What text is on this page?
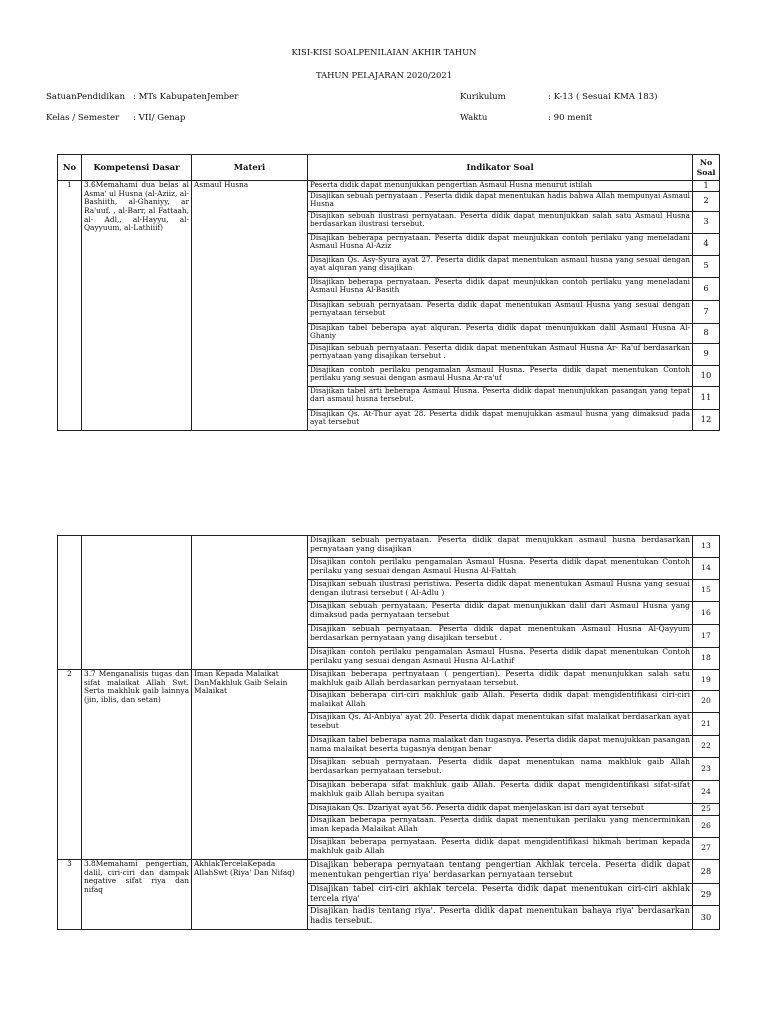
KISI-KISI SOALPENILAIAN AKHIR TAHUN
TAHUN PELAJARAN 2020/2021
SatuanPendidikan : MTs KabupatenJember	Kurikulum	: K-13 ( Sesuai KMA 183)
Kelas / Semester : VII/ Genap	Waktu	: 90 menit
No	Kompetensi Dasar	Materi	Indikator Soal	No
Soal
1	3.6Memahami dua belas al Asma' ul Husna (al-Aziiz, al-Bashiith, al-Ghaniyy, ar Ra'uuf, , al-Barr, al Fattaah, al- Adl,, al-Hayyu, al-Qayyuum, al-Lathiiif)	Asmaul Husna	Peserta didik dapat menunjukkan pengertian Asmaul Husna menurut istilah	1
			Disajikan sebuah pernyataan . Peserta didik dapat menentukan hadis bahwa Allah mempunyai Asmaul Husna	2
			Disajikan sebuah ilustrasi pernyataan. Peserta didik dapat menunjukkan salah satu Asmaul Husna berdasarkan ilustrasi tersebut.	3
			Disajikan beberapa pernyataan. Peserta didik dapat meunjukkan contoh perilaku yang meneladani Asmaul Husna Al-Aziz	4
			Disajikan Qs. Asy-Syura ayat 27. Peserta didik dapat menentukan asmaul husna yang sesuai dengan ayat alquran yang disajikan	5
			Disajikan beberapa pernyataan. Peserta didik dapat meunjukkan contoh perilaku yang meneladani Asmaul Husna Al-Basith	6
			Disajikan sebuah pernyataan. Peserta didik dapat menentukan Asmaul Husna yang sesuai dengan pernyataan tersebut	7
			Disajikan tabel beberapa ayat alquran. Peserta didik dapat menunjukkan dalil Asmaul Husna Al-Ghaniy	8
			Disajikan sebuah pernyataan. Peserta didik dapat menentukan Asmaul Husna Ar- Ra'uf berdasarkan pernyataan yang disajikan tersebut .	9
			Disajikan contoh perilaku pengamalan Asmaul Husna. Peserta didik dapat menentukan Contoh perilaku yang sesuai dengan asmaul Husna Ar-ra'uf	10
			Disajikan tabel arti beberapa Asmaul Husna. Peserta didik dapat menunjukkan pasangan yang tepat dari asmaul husna tersebut.	11
			Disajikan Qs. At-Thur ayat 28. Peserta didik dapat menujukkan asmaul husna yang dimaksud pada ayat tersebut	12
			Disajikan sebuah pernyataan. Peserta didik dapat menujukkan asmaul husna berdasarkan pernyataan yang disajikan	13
			Disajikan contoh perilaku pengamalan Asmaul Husna. Peserta didik dapat menentukan Contoh perilaku yang sesuai dengan Asmaul Husna Al-Fattah	14
			Disajikan sebuah ilustrasi peristiwa. Peserta didik dapat menentukan Asmaul Husna yang sesuai dengan ilutrasi tersebut ( Al-Adlu )	15
			Disajikan sebuah pernyataan. Peserta didik dapat menunjukkan dalil dari Asmaul Husna yang dimaksud pada pernyataan tersebut	16
			Disajikan sebuah pernyataan. Peserta didik dapat menentukan Asmaul Husna Al-Qayyum berdasarkan pernyataan yang disajikan tersebut .	17
			Disajikan contoh perilaku pengamalan Asmaul Husna. Peserta didik dapat menentukan Contoh perilaku yang sesuai dengan Asmaul Husna Al-Lathif	18
2	3.7 Menganalisis tugas dan sifat malaikat Allah Swt. Serta makhluk gaib lainnya (jin, iblis, dan setan)	Iman Kepada Malaikat DanMakhluk Gaib Selain Malaikat	Disajikan beberapa pertnyataan ( pengertian). Peserta didik dapat menunjukkan salah satu makhluk gaib Allah berdasarkan pernyataan tersebut.	19
			Disajikan beberapa ciri-ciri makhluk gaib Allah. Peserta didik dapat mengidentifikasi ciri-ciri malaikat Allah	20
			Disajikan Qs. Al-Anbiya' ayat 20. Peserta didik dapat menentukan sifat malaikat berdasarkan ayat tesebut	21
			Disajikan tabel beberapa nama malaikat dan tugasnya. Peserta didik dapat menujukkan pasangan nama malaikat beserta tugasnya dengan benar	22
			Disajikan sebuah pernyataan. Peserta didik dapat menentukan nama makhluk gaib Allah berdasarkan pernyataan tersebut.	23
			Disajikan beberapa sifat makhluk gaib Allah. Peserta didik dapat mengidentifikasi sifat-sifat makhluk gaib Allah berupa syaitan	24
			Disajiakan Qs. Dzariyat ayat 56. Peserta didik dapat menjelaskan isi dari ayat tersebut	25
			Disajikan beberapa pernyataan. Peserta didik dapat menentukan perilaku yang mencerminkan iman kepada Malaikat Allah	26
			Disajikan beberapa pernyataan. Peserta didik dapat mengidentifikasi hikmah beriman kepada makhluk gaib Allah	27
3	3.8Memahami pengertian, dalil, ciri-ciri dan dampak negative sifat riya dan nifaq	AkhlakTercelaKepada AllahSwt (Riya' Dan Nifaq)	Disajikan beberapa pernyataan tentang pengertian Akhlak tercela. Peserta didik dapat menentukan pengertian riya' berdasarkan pernyataan tersebut	28
			Disajikan tabel ciri-ciri akhlak tercela. Peserta didik dapat menentukan ciri-ciri akhlak tercela riya'	29
			Disajikan hadis tentang riya'. Peserta didik dapat menentukan bahaya riya' berdasarkan hadis tersebut.	30
